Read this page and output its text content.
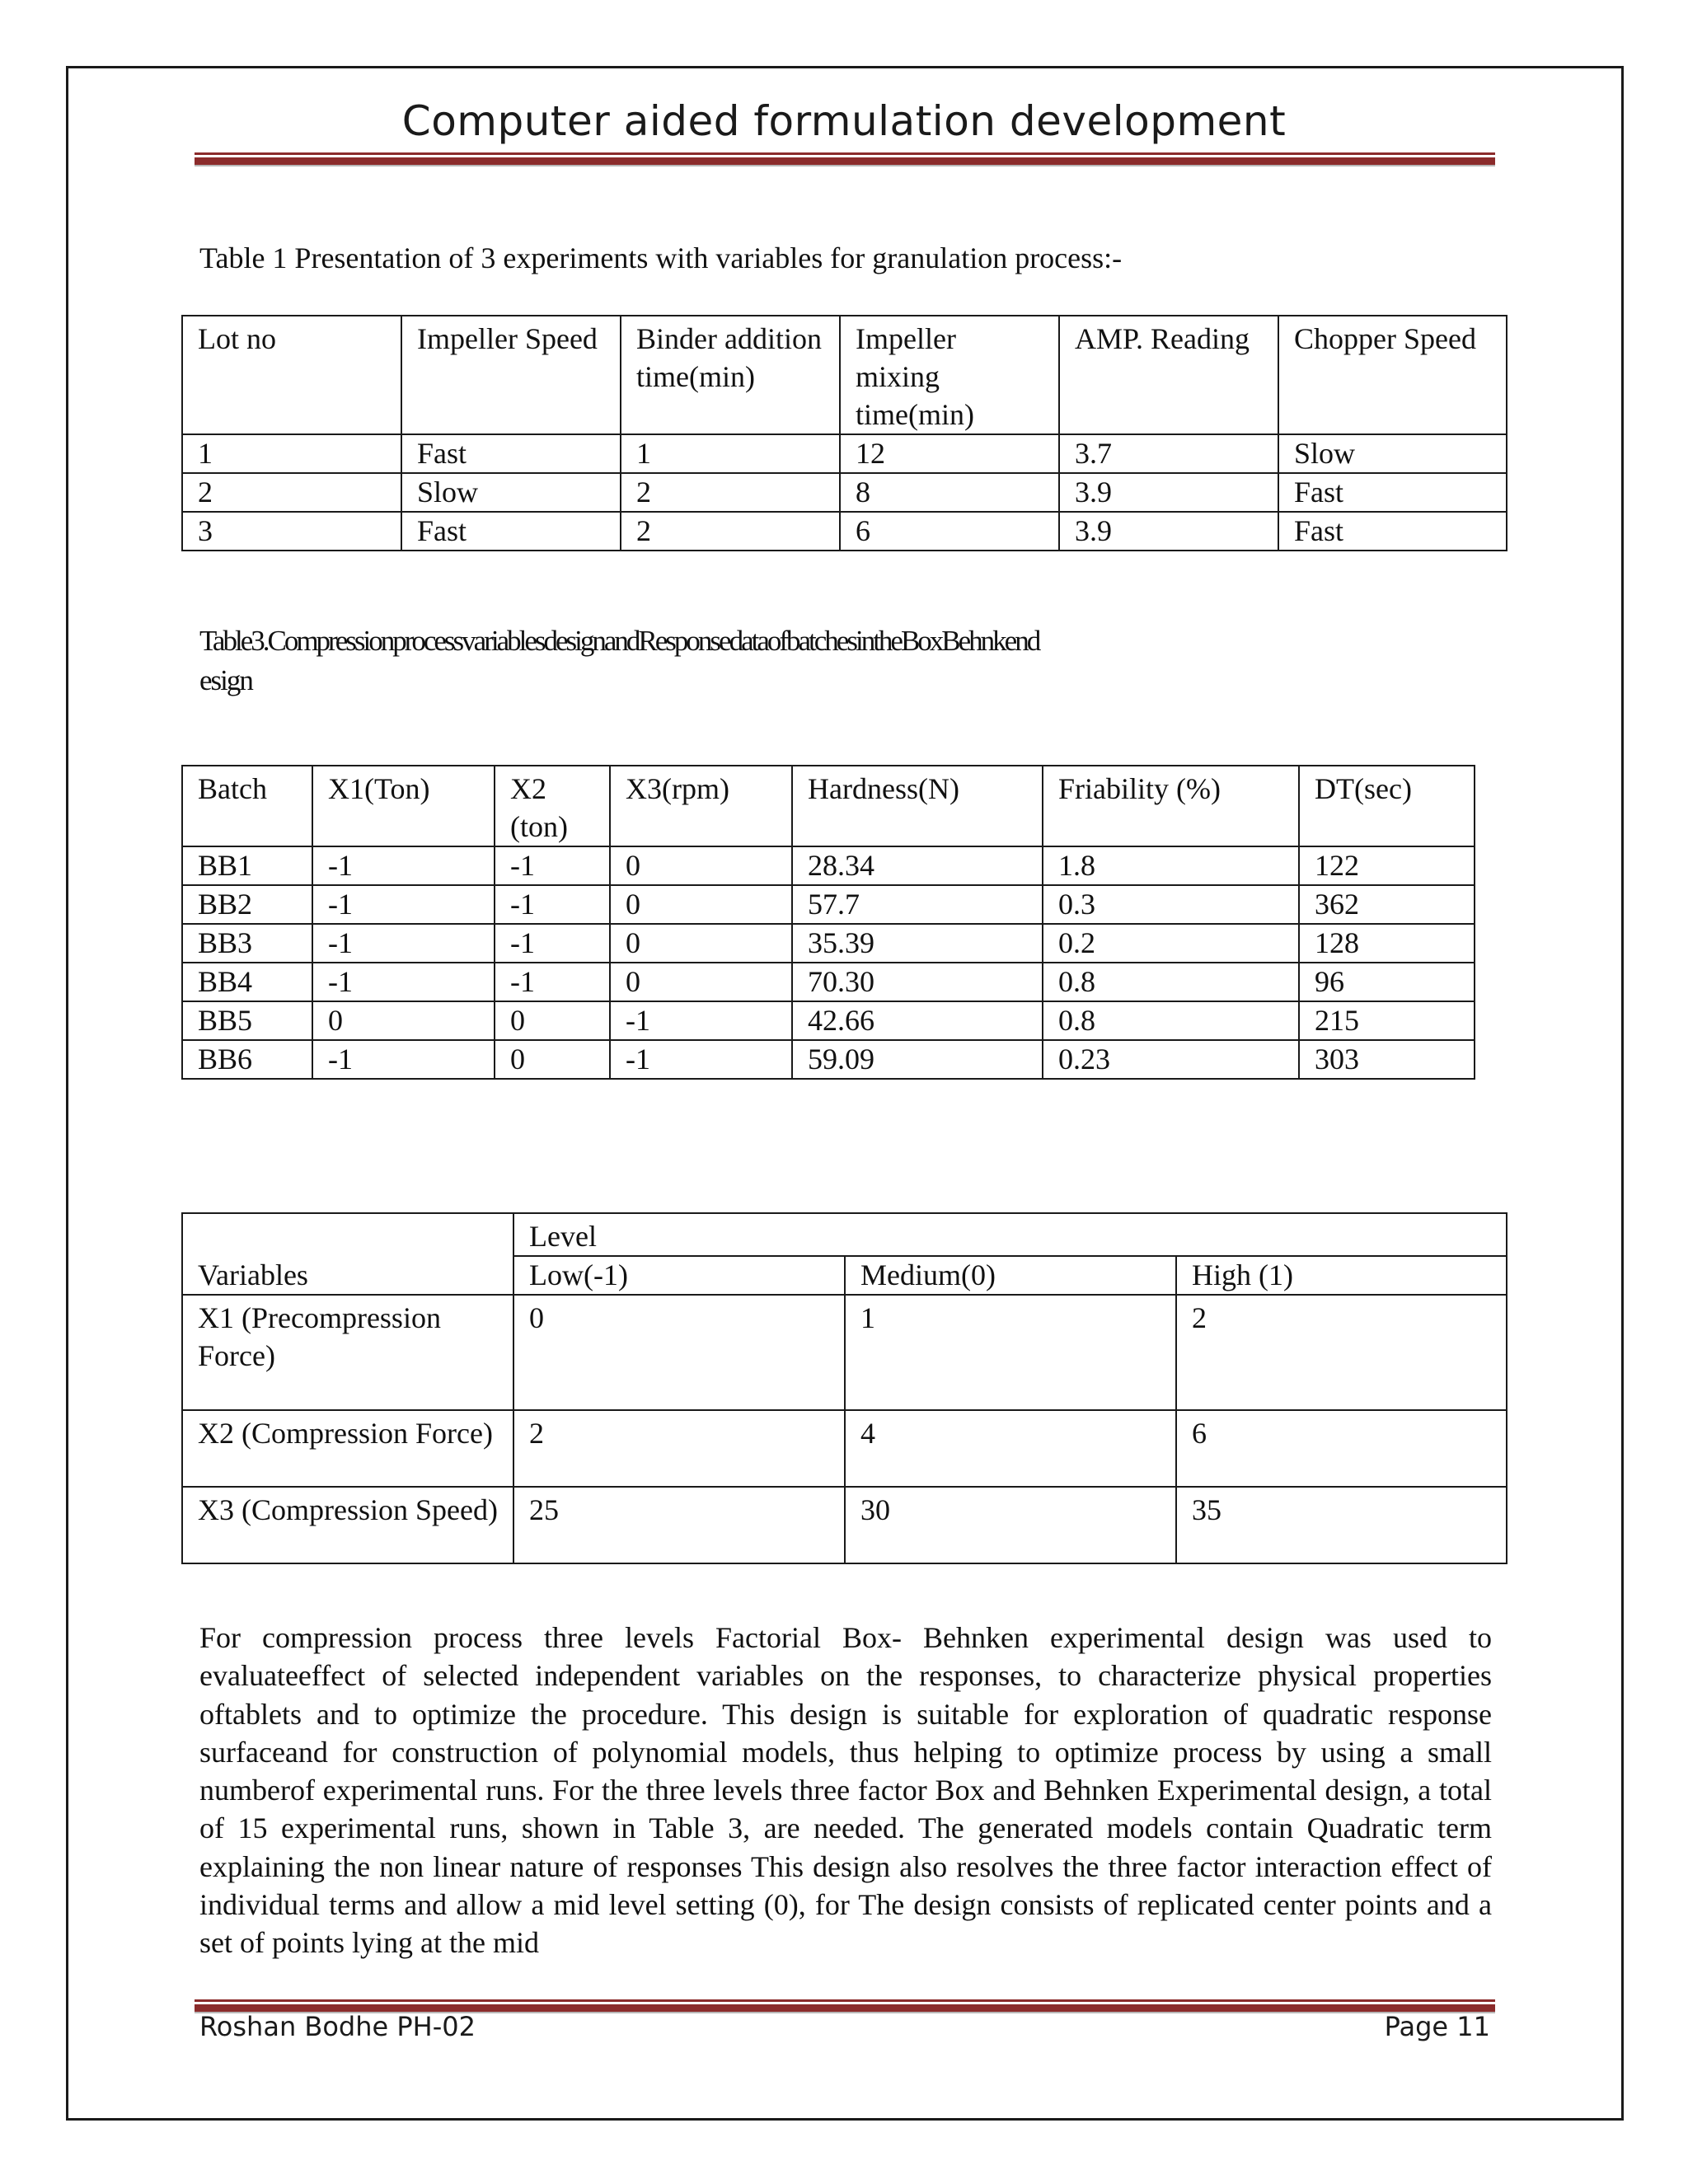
Computer aided formulation development
Table 1 Presentation of 3 experiments with variables for granulation process:-
Lot no	Impeller Speed	Binder addition time(min)	Impeller mixing time(min)	AMP. Reading	Chopper Speed
1	Fast	1	12	3.7	Slow
2	Slow	2	8	3.9	Fast
3	Fast	2	6	3.9	Fast
Table3.CompressionprocessvariablesdesignandResponsedataofbatchesintheBoxBehnkend
esign
Batch	X1(Ton)	X2 (ton)	X3(rpm)	Hardness(N)	Friability (%)	DT(sec)
BB1	-1	-1	0	28.34	1.8	122
BB2	-1	-1	0	57.7	0.3	362
BB3	-1	-1	0	35.39	0.2	128
BB4	-1	-1	0	70.30	0.8	96
BB5	0	0	-1	42.66	0.8	215
BB6	-1	0	-1	59.09	0.23	303
Variables	Level		
	Low(-1)	Medium(0)	High (1)
X1 (Precompression Force)	0	1	2
X2 (Compression Force)	2	4	6
X3 (Compression Speed)	25	30	35
For compression process three levels Factorial Box- Behnken experimental design was used to evaluateeffect of selected independent variables on the responses, to characterize physical properties oftablets and to optimize the procedure. This design is suitable for exploration of quadratic response surfaceand for construction of polynomial models, thus helping to optimize process by using a small numberof experimental runs. For the three levels three factor Box and Behnken Experimental design, a total of 15 experimental runs, shown in Table 3, are needed. The generated models contain Quadratic term explaining the non linear nature of responses This design also resolves the three factor interaction effect of individual terms and allow a mid level setting (0), for The design consists of replicated center points and a set of points lying at the mid
Roshan Bodhe PH-02	Page 11
